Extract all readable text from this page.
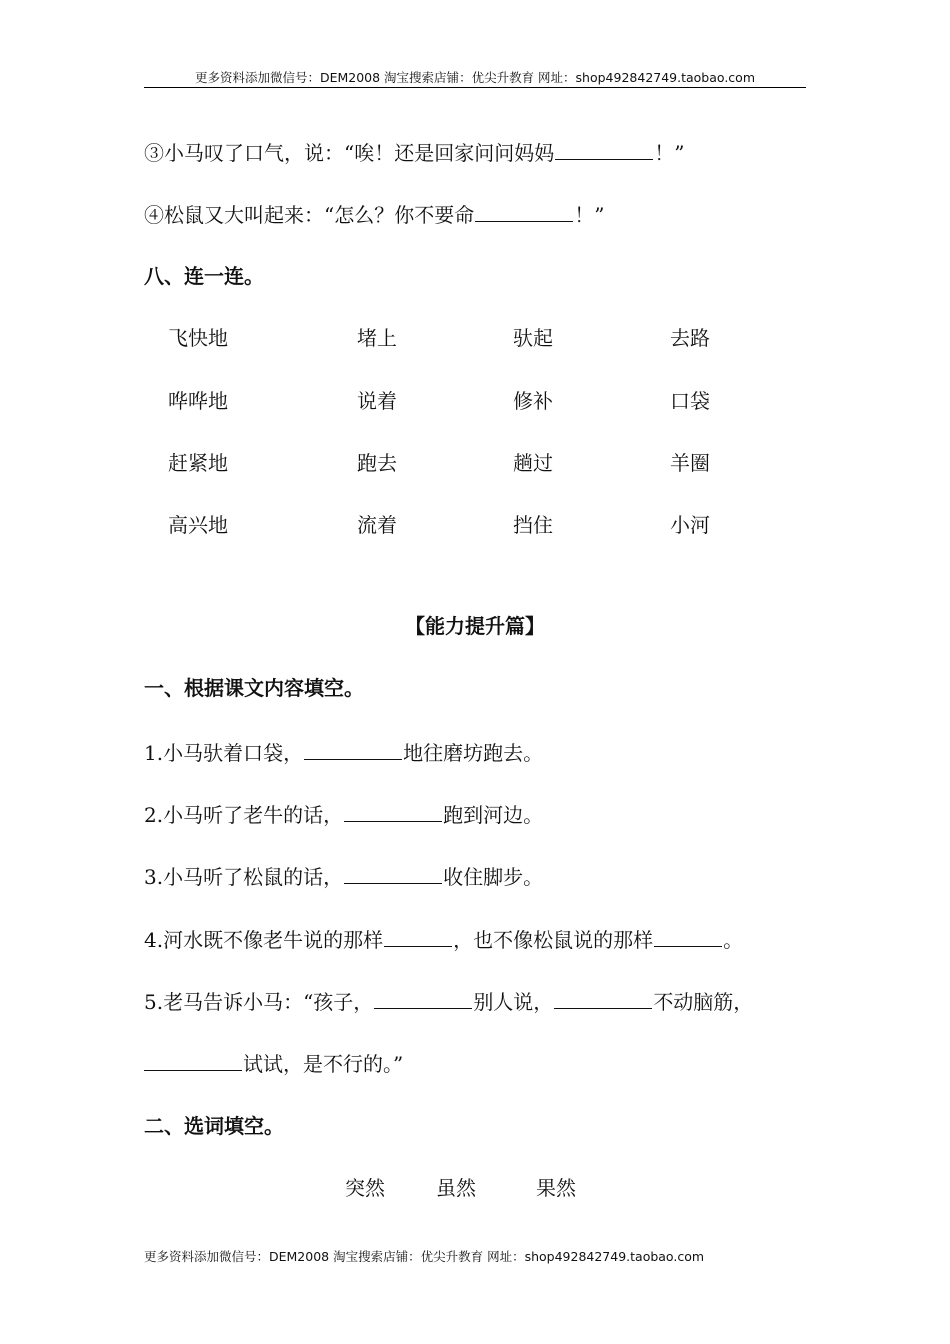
更多资料添加微信号：DEM2008 淘宝搜索店铺：优尖升教育 网址：shop492842749.taobao.com
③小马叹了口气，说：“唉！还是回家问问妈妈	！”
④松鼠又大叫起来：“怎么？你不要命	！”
八、连一连。
飞快地	堵上	驮起	去路
哗哗地	说着	修补	口袋
赶紧地	跑去	趟过	羊圈
高兴地	流着	挡住	小河
【能力提升篇】
一、根据课文内容填空。
1.小马驮着口袋，	地往磨坊跑去。
2.小马听了老牛的话，	跑到河边。
3.小马听了松鼠的话，	收住脚步。
4.河水既不像老牛说的那样	，也不像松鼠说的那样	。
5.老马告诉小马：“孩子，	别人说，	不动脑筋，
试试，是不行的。”
二、选词填空。
突然	虽然	果然
更多资料添加微信号：DEM2008 淘宝搜索店铺：优尖升教育 网址：shop492842749.taobao.com
